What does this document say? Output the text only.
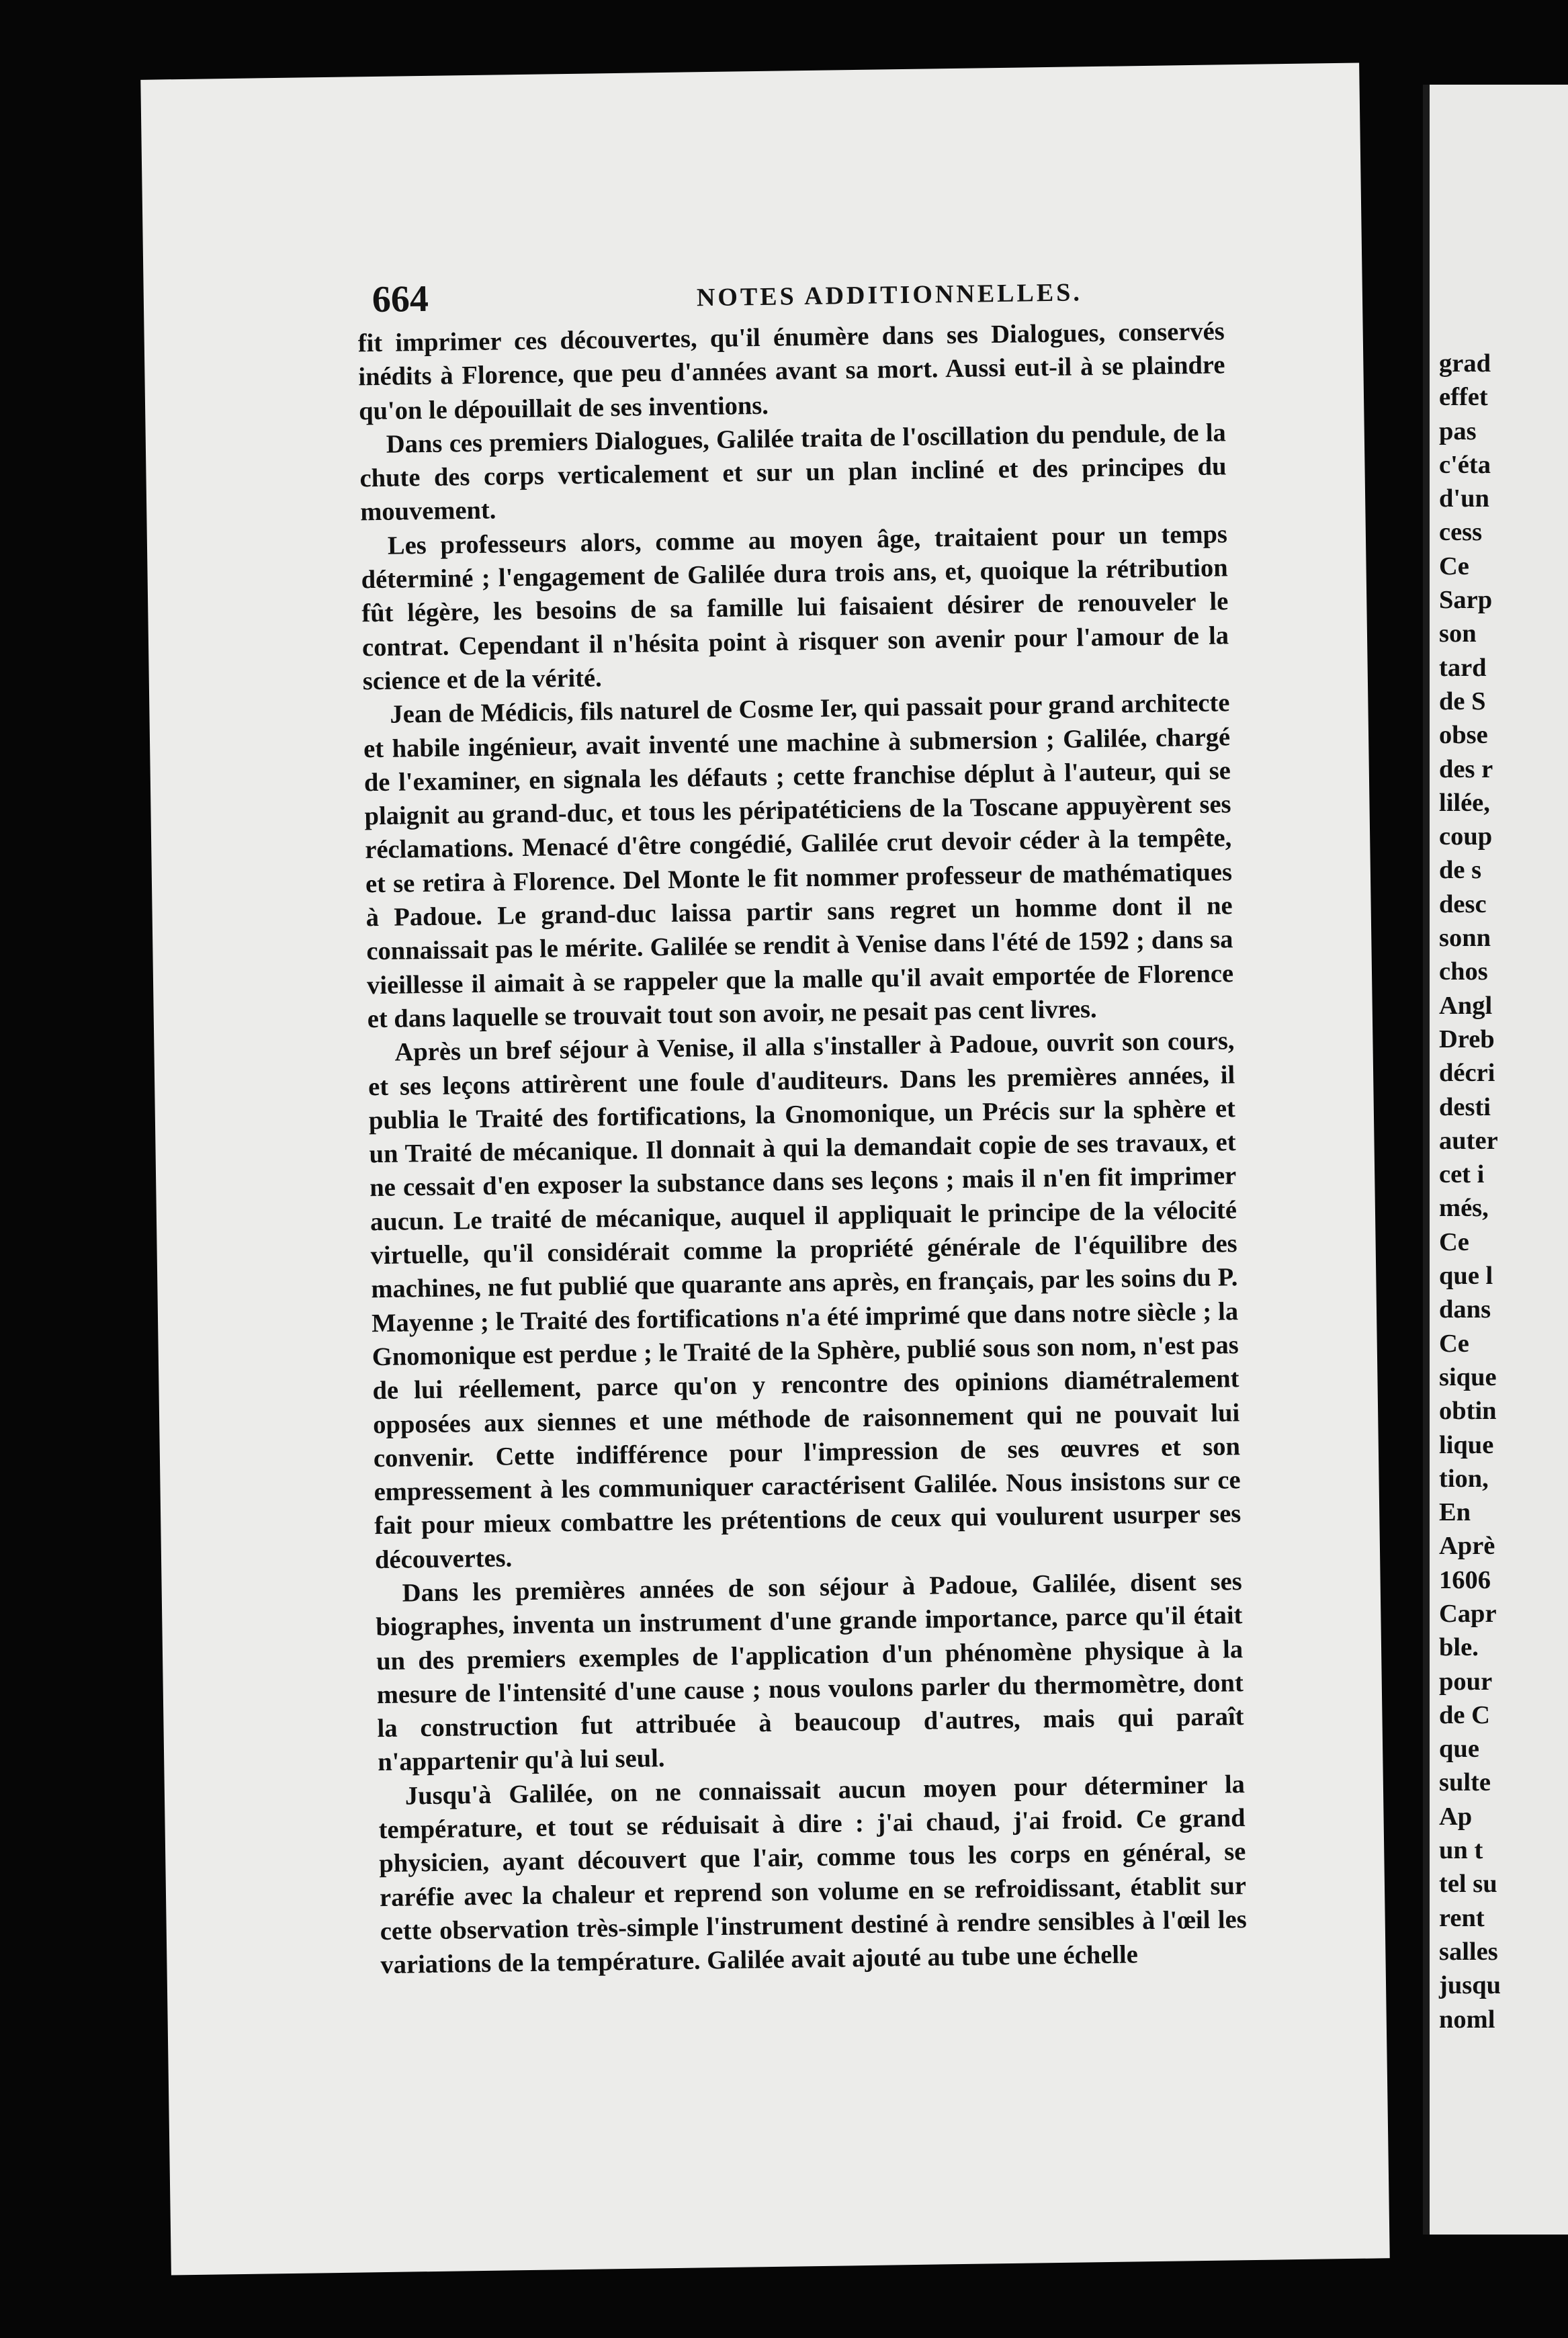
664	NOTES ADDITIONNELLES.

fit imprimer ces découvertes, qu'il énumère dans ses Dialogues, conservés inédits à Florence, que peu d'années avant sa mort. Aussi eut-il à se plaindre qu'on le dépouillait de ses inventions.

Dans ces premiers Dialogues, Galilée traita de l'oscillation du pendule, de la chute des corps verticalement et sur un plan incliné et des principes du mouvement.

Les professeurs alors, comme au moyen âge, traitaient pour un temps déterminé ; l'engagement de Galilée dura trois ans, et, quoique la rétribution fût légère, les besoins de sa famille lui faisaient désirer de renouveler le contrat. Cependant il n'hésita point à risquer son avenir pour l'amour de la science et de la vérité.

Jean de Médicis, fils naturel de Cosme Ier, qui passait pour grand architecte et habile ingénieur, avait inventé une machine à submersion ; Galilée, chargé de l'examiner, en signala les défauts ; cette franchise déplut à l'auteur, qui se plaignit au grand-duc, et tous les péripatéticiens de la Toscane appuyèrent ses réclamations. Menacé d'être congédié, Galilée crut devoir céder à la tempête, et se retira à Florence. Del Monte le fit nommer professeur de mathématiques à Padoue. Le grand-duc laissa partir sans regret un homme dont il ne connaissait pas le mérite. Galilée se rendit à Venise dans l'été de 1592 ; dans sa vieillesse il aimait à se rappeler que la malle qu'il avait emportée de Florence et dans laquelle se trouvait tout son avoir, ne pesait pas cent livres.

Après un bref séjour à Venise, il alla s'installer à Padoue, ouvrit son cours, et ses leçons attirèrent une foule d'auditeurs. Dans les premières années, il publia le Traité des fortifications, la Gnomonique, un Précis sur la sphère et un Traité de mécanique. Il donnait à qui la demandait copie de ses travaux, et ne cessait d'en exposer la substance dans ses leçons ; mais il n'en fit imprimer aucun. Le traité de mécanique, auquel il appliquait le principe de la vélocité virtuelle, qu'il considérait comme la propriété générale de l'équilibre des machines, ne fut publié que quarante ans après, en français, par les soins du P. Mayenne ; le Traité des fortifications n'a été imprimé que dans notre siècle ; la Gnomonique est perdue ; le Traité de la Sphère, publié sous son nom, n'est pas de lui réellement, parce qu'on y rencontre des opinions diamétralement opposées aux siennes et une méthode de raisonnement qui ne pouvait lui convenir. Cette indifférence pour l'impression de ses œuvres et son empressement à les communiquer caractérisent Galilée. Nous insistons sur ce fait pour mieux combattre les prétentions de ceux qui voulurent usurper ses découvertes.

Dans les premières années de son séjour à Padoue, Galilée, disent ses biographes, inventa un instrument d'une grande importance, parce qu'il était un des premiers exemples de l'application d'un phénomène physique à la mesure de l'intensité d'une cause ; nous voulons parler du thermomètre, dont la construction fut attribuée à beaucoup d'autres, mais qui paraît n'appartenir qu'à lui seul.

Jusqu'à Galilée, on ne connaissait aucun moyen pour déterminer la température, et tout se réduisait à dire : j'ai chaud, j'ai froid. Ce grand physicien, ayant découvert que l'air, comme tous les corps en général, se raréfie avec la chaleur et reprend son volume en se refroidissant, établit sur cette observation très-simple l'instrument destiné à rendre sensibles à l'œil les variations de la température. Galilée avait ajouté au tube une échelle

grad
effet
pas
c'éta
d'un
cess
Ce
Sarp
son
tard
de S
obse
des r
lilée,
coup
de s
desc
sonn
chos
Angl
Dreb
décri
desti
auter
cet i
més,
Ce
que l
dans
Ce
sique
obtin
lique
tion,
En
Aprè
1606
Capr
ble.
pour
de C
que
sulte
Ap
un t
tel su
rent
salles
jusqu
noml
